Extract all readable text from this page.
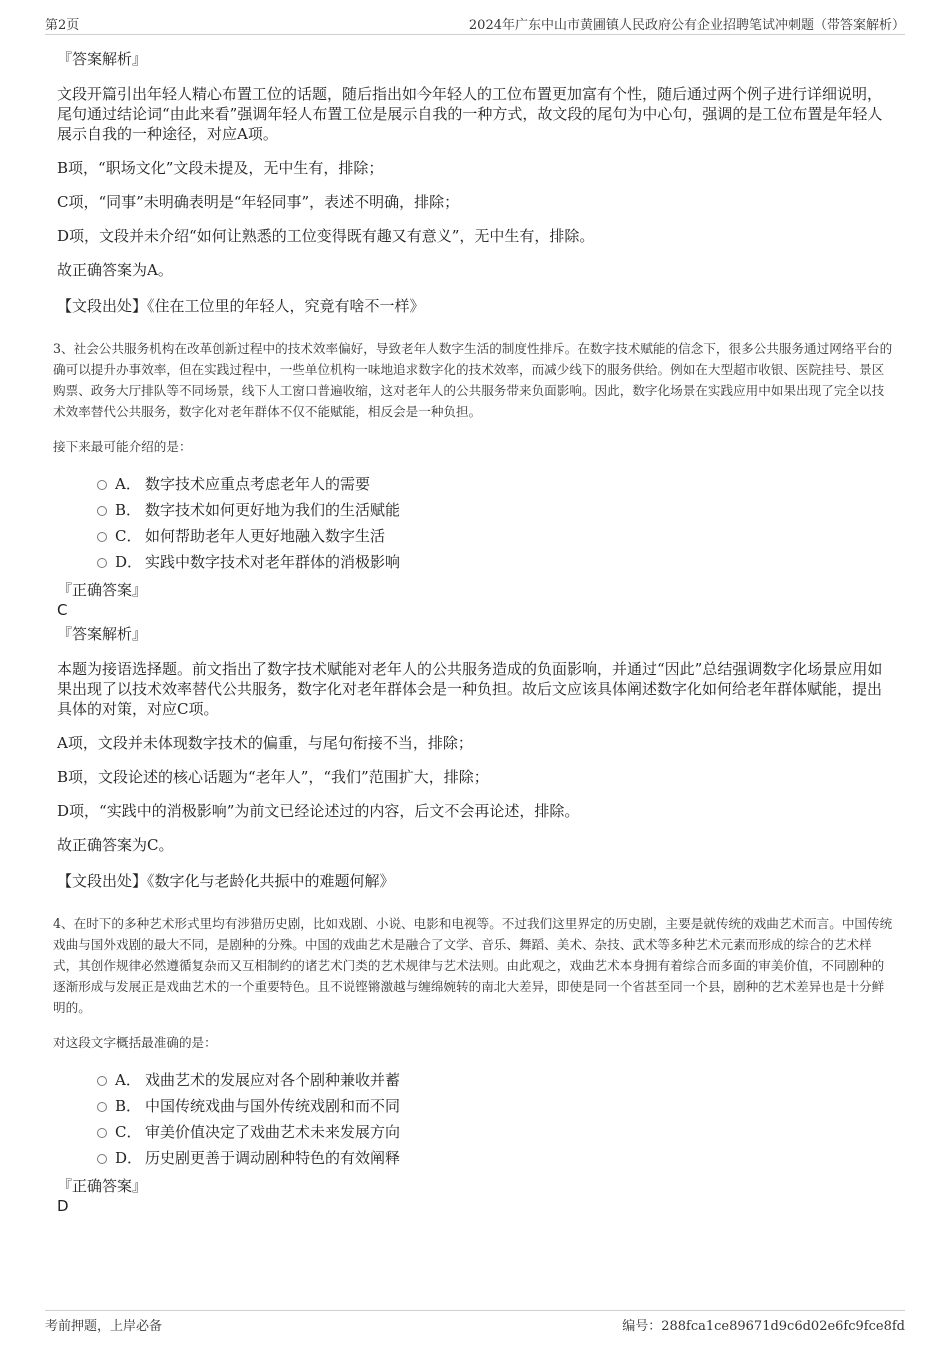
第2页	2024年广东中山市黄圃镇人民政府公有企业招聘笔试冲刺题（带答案解析）

『答案解析』

文段开篇引出年轻人精心布置工位的话题，随后指出如今年轻人的工位布置更加富有个性，随后通过两个例子进行详细说明，尾句通过结论词“由此来看”强调年轻人布置工位是展示自我的一种方式，故文段的尾句为中心句，强调的是工位布置是年轻人展示自我的一种途径，对应A项。

B项，“职场文化”文段未提及，无中生有，排除；

C项，“同事”未明确表明是“年轻同事”，表述不明确，排除；

D项，文段并未介绍“如何让熟悉的工位变得既有趣又有意义”，无中生有，排除。

故正确答案为A。

【文段出处】《住在工位里的年轻人，究竟有啥不一样》

3、社会公共服务机构在改革创新过程中的技术效率偏好，导致老年人数字生活的制度性排斥。在数字技术赋能的信念下，很多公共服务通过网络平台的确可以提升办事效率，但在实践过程中，一些单位机构一味地追求数字化的技术效率，而减少线下的服务供给。例如在大型超市收银、医院挂号、景区购票、政务大厅排队等不同场景，线下人工窗口普遍收缩，这对老年人的公共服务带来负面影响。因此，数字化场景在实践应用中如果出现了完全以技术效率替代公共服务，数字化对老年群体不仅不能赋能，相反会是一种负担。

接下来最可能介绍的是：

A． 数字技术应重点考虑老年人的需要
B． 数字技术如何更好地为我们的生活赋能
C． 如何帮助老年人更好地融入数字生活
D． 实践中数字技术对老年群体的消极影响

『正确答案』

C

『答案解析』

本题为接语选择题。前文指出了数字技术赋能对老年人的公共服务造成的负面影响，并通过“因此”总结强调数字化场景应用如果出现了以技术效率替代公共服务，数字化对老年群体会是一种负担。故后文应该具体阐述数字化如何给老年群体赋能，提出具体的对策，对应C项。

A项，文段并未体现数字技术的偏重，与尾句衔接不当，排除；

B项，文段论述的核心话题为“老年人”，“我们”范围扩大，排除；

D项，“实践中的消极影响”为前文已经论述过的内容，后文不会再论述，排除。

故正确答案为C。

【文段出处】《数字化与老龄化共振中的难题何解》

4、在时下的多种艺术形式里均有涉猎历史剧，比如戏剧、小说、电影和电视等。不过我们这里界定的历史剧，主要是就传统的戏曲艺术而言。中国传统戏曲与国外戏剧的最大不同，是剧种的分殊。中国的戏曲艺术是融合了文学、音乐、舞蹈、美术、杂技、武术等多种艺术元素而形成的综合的艺术样式，其创作规律必然遵循复杂而又互相制约的诸艺术门类的艺术规律与艺术法则。由此观之，戏曲艺术本身拥有着综合而多面的审美价值，不同剧种的逐渐形成与发展正是戏曲艺术的一个重要特色。且不说铿锵激越与缠绵婉转的南北大差异，即使是同一个省甚至同一个县，剧种的艺术差异也是十分鲜明的。

对这段文字概括最准确的是：

A． 戏曲艺术的发展应对各个剧种兼收并蓄
B． 中国传统戏曲与国外传统戏剧和而不同
C． 审美价值决定了戏曲艺术未来发展方向
D． 历史剧更善于调动剧种特色的有效阐释

『正确答案』

D

考前押题，上岸必备	编号：288fca1ce89671d9c6d02e6fc9fce8fd
